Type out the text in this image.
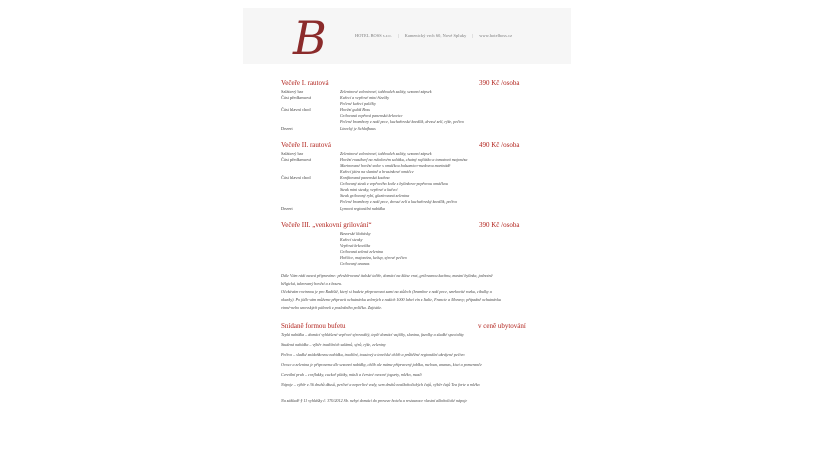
B	HOTEL BOSS s.r.o. | Kamenický vrch 60, Nové Spluky | www.hotelboss.cz
Večeře I. rautová	390 Kč /osoba
Salátový bar	Zeleninové zeleninové, tabbouleh saláty, sezonní zápsek
Část předkrmová	Kuřecí a vepřové mini řízečky
Pečené kuřecí paličky
Část hlavní chod	Hovězí guláš Boss
Grilovaná vepřová panenská krkovice
Pečené brambory z naší pece, kuchařovské knedlík, dressé zelí, rýže, pečivo
Dezert	Linecký je Schlafhaus
Večeře II. rautová	490 Kč /osoba
Salátový bar	Zeleninové zeleninové, tabbouleh saláty, sezonní zápsek
Část předkrmová	Hovězí roastbeef na rukolovém salátku, chutný rajčátko a tomatová majonéza
Marinované hovězí srdce s omáčkou balsamico-medovou marinádě
Kuřecí játra na slanině a brusinkové omáčce
Část hlavní chod	Konfitovaná panenská kachna
Grilovaný steak z vepřového kotle s bylinkovo-pepřovou omáčkou
Steak mini steaky, vepřové a kuřecí
Steak grilovaný rybí, glazírovaná zelenina
Pečené brambory z naší pece, dressé zelí a kuchařovský knedlík, pečivo
Dezert	Lymová regionální nabídka
Večeře III. „venkovní grilování“	390 Kč /osoba
Bavorské klobásky
Kuřecí steaky
Vepřová krkovička
Grilovaná zelená zelenina
Hořčice, majonéza, kečup, sýrové pečivo
Grilovaný ananas
Dále Vám rádi nasvá připravíme: přesběrované italské talíře, domácí na kláse vrat, grilovanou kachnu, mastní bylinka, jednotně
bělgická, tukrovaný hovězí a z bouru.
Očekávám rovinnou je pro Radiště, který si budete přepravovat sami na stůlech (brambor z naší pece, smrkovité rozku, cibulky a
okurky). Po jídle vám můžeme připravit ochutnávku zelených z našich 1000 lahví vín z Italie, Francie a Moravy; případně ochutnávku
vinné-nebo unovských pálenek z posledního políčka. Zajistíte.
Snídaně formou bufetu	v ceně ubytování
Teplá nabídka – domácí vyhlášené vepřové sýrovoditý, teplé domácí vajíčky, slanina, fazolky a sladké speciality
Studená nabídka – výběr tradičních salámů, sýrů, rýže, zeleniny
Pečivo – sladké snídaňkovou nabídku, tradiční, toustový a tenelské chléb a průběžné regionální ukrájené pečivo
Ovoce a zelenina je připravena dle sezonní nabídky, chlíb ale máme připravený jablka, meloun, ananas, kiwi a pomeranče
Cereální pruh – corflakky, cuckeě plátky, müsli a čerstvé ovocné jogurty, mléko, musli
Nápoje – výběr z 36 druhů džusů, perlivé a neperlivé vody, sem druhů nealkoholických čajů, výběr čajů Tea forte a mléko
Na základě § 11 vyhlášky č. 370/2012 Sb. nebyt domácí do proveze hotelu a restaurace vlastní alkoholické nápoje
